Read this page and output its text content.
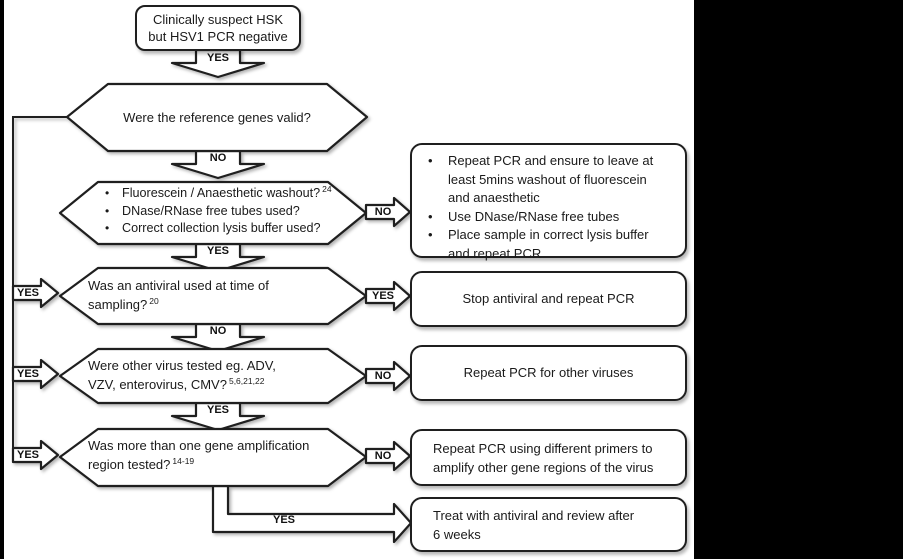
Clinically suspect HSK
but HSV1 PCR negative
Were the reference genes valid?
•	Fluorescein / Anaesthetic washout? 24
•	DNase/RNase free tubes used?
•	Correct collection lysis buffer used?
Was an antiviral used at time of
sampling? $^{20}$
Were other virus tested eg. ADV,
VZV, enterovirus, CMV? $^{5,6,21,22}$
Was more than one gene amplification
region tested? $^{14-19}$
•	Repeat PCR and ensure to leave at
least 5mins washout of fluorescein
and anaesthetic
•	Use DNase/RNase free tubes
•	Place sample in correct lysis buffer
and repeat PCR
Stop antiviral and repeat PCR
Repeat PCR for other viruses
Repeat PCR using different primers to
amplify other gene regions of the virus
Treat with antiviral and review after
6 weeks
YES
NO
YES
NO
YES
NO
YES
NO
NO
YES
YES
YES
YES
